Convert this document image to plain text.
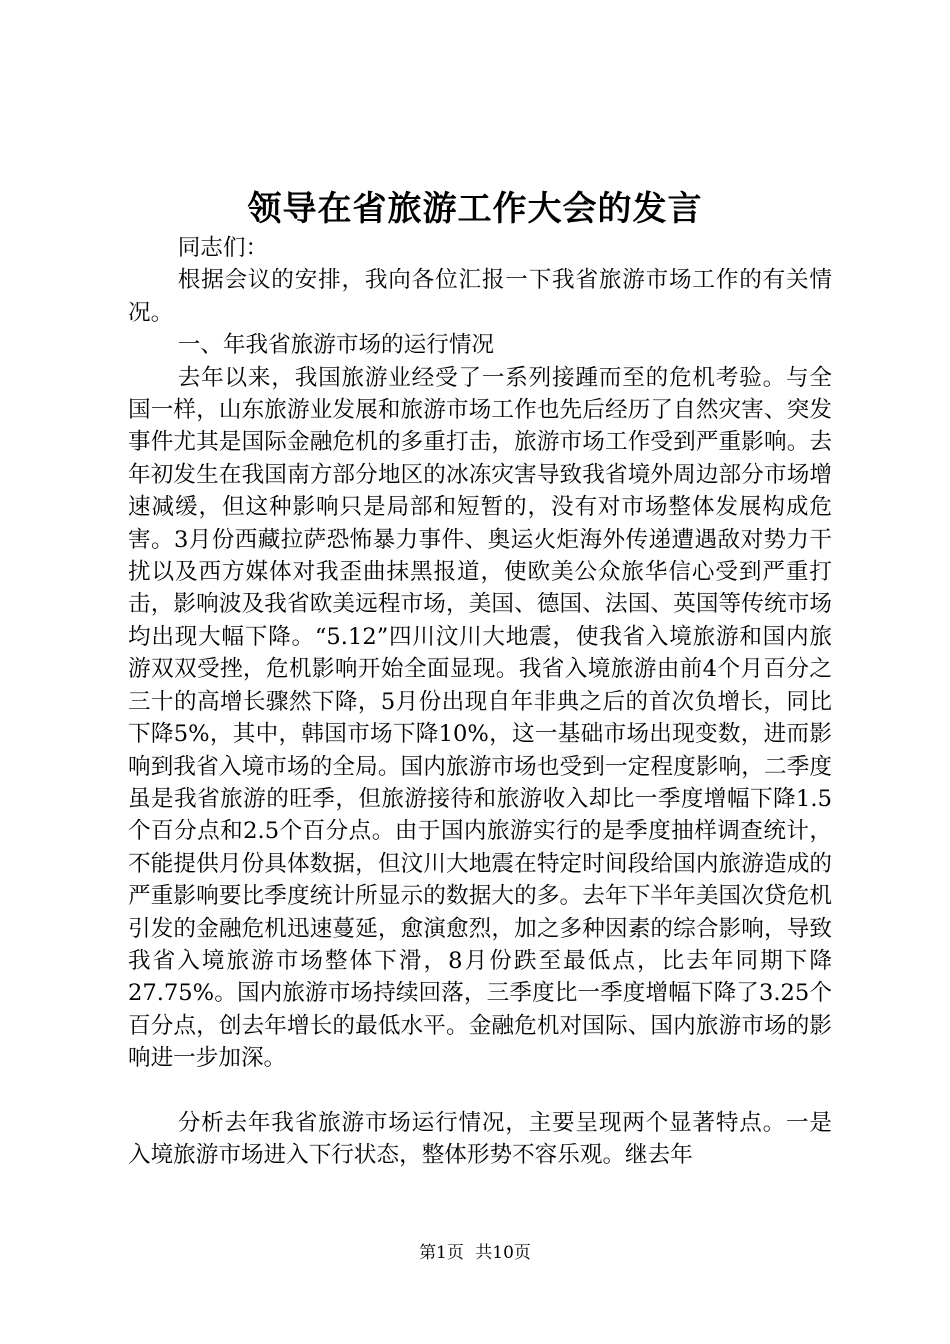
领导在省旅游工作大会的发言

同志们：

根据会议的安排，我向各位汇报一下我省旅游市场工作的有关情况。

一、年我省旅游市场的运行情况

去年以来，我国旅游业经受了一系列接踵而至的危机考验。与全国一样，山东旅游业发展和旅游市场工作也先后经历了自然灾害、突发事件尤其是国际金融危机的多重打击，旅游市场工作受到严重影响。去年初发生在我国南方部分地区的冰冻灾害导致我省境外周边部分市场增速减缓，但这种影响只是局部和短暂的，没有对市场整体发展构成危害。3月份西藏拉萨恐怖暴力事件、奥运火炬海外传递遭遇敌对势力干扰以及西方媒体对我歪曲抹黑报道，使欧美公众旅华信心受到严重打击，影响波及我省欧美远程市场，美国、德国、法国、英国等传统市场均出现大幅下降。“5.12”四川汶川大地震，使我省入境旅游和国内旅游双双受挫，危机影响开始全面显现。我省入境旅游由前4个月百分之三十的高增长骤然下降，5月份出现自年非典之后的首次负增长，同比下降5%，其中，韩国市场下降10%，这一基础市场出现变数，进而影响到我省入境市场的全局。国内旅游市场也受到一定程度影响，二季度虽是我省旅游的旺季，但旅游接待和旅游收入却比一季度增幅下降1.5个百分点和2.5个百分点。由于国内旅游实行的是季度抽样调查统计，不能提供月份具体数据，但汶川大地震在特定时间段给国内旅游造成的严重影响要比季度统计所显示的数据大的多。去年下半年美国次贷危机引发的金融危机迅速蔓延，愈演愈烈，加之多种因素的综合影响，导致我省入境旅游市场整体下滑，8月份跌至最低点，比去年同期下降27.75%。国内旅游市场持续回落，三季度比一季度增幅下降了3.25个百分点，创去年增长的最低水平。金融危机对国际、国内旅游市场的影响进一步加深。

分析去年我省旅游市场运行情况，主要呈现两个显著特点。一是入境旅游市场进入下行状态，整体形势不容乐观。继去年

第1页 共10页
